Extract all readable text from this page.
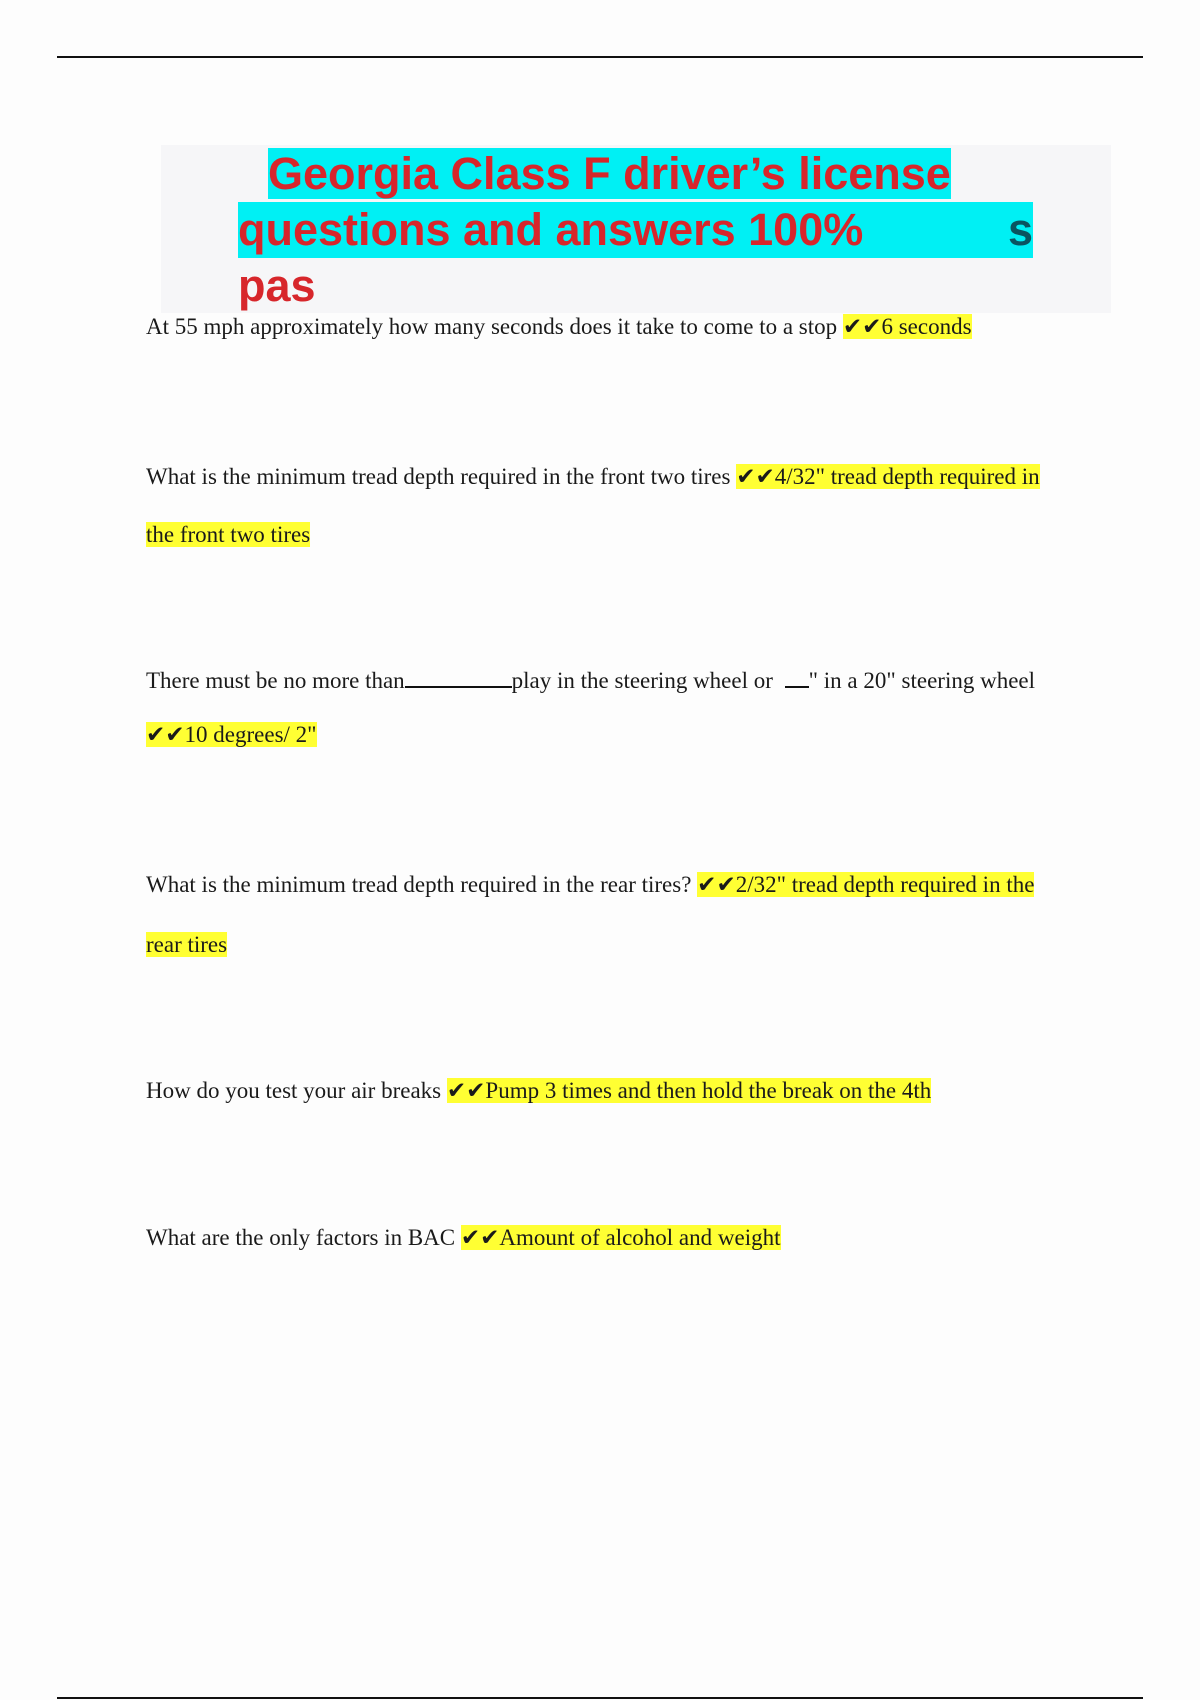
Georgia Class F driver’s license
questions and answers 100%	s
pas
At 55 mph approximately how many seconds does it take to come to a stop ✔✔6 seconds
What is the minimum tread depth required in the front two tires ✔✔4/32" tread depth required in
the front two tires
There must be no more than	play in the steering wheel or " in a 20" steering wheel
✔✔10 degrees/ 2"
What is the minimum tread depth required in the rear tires? ✔✔2/32" tread depth required in the
rear tires
How do you test your air breaks ✔✔Pump 3 times and then hold the break on the 4th
What are the only factors in BAC ✔✔Amount of alcohol and weight
